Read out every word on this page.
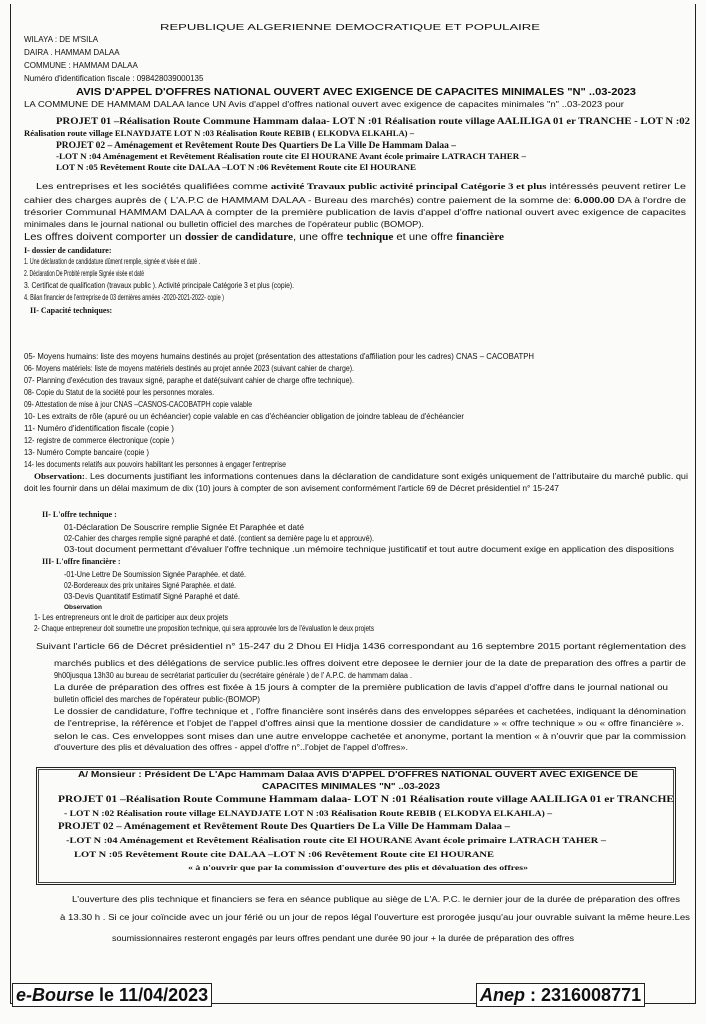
REPUBLIQUE ALGERIENNE DEMOCRATIQUE ET POPULAIRE
WILAYA : DE M'SILA
DAIRA . HAMMAM DALAA
COMMUNE : HAMMAM DALAA
Numéro d'identification fiscale : 098428039000135
AVIS D'APPEL D'OFFRES NATIONAL OUVERT AVEC EXIGENCE DE CAPACITES MINIMALES "N" ..03-2023
LA COMMUNE DE HAMMAM DALAA lance UN Avis d'appel d'offres national ouvert avec exigence de capacites minimales "n" ..03-2023 pour
PROJET 01 –Réalisation Route Commune Hammam dalaa- LOT N :01 Réalisation route village AALILIGA 01 er TRANCHE - LOT N :02
Réalisation route village ELNAYDJATE LOT N :03 Réalisation Route REBIB ( ELKODVA ELKAHLA) –
PROJET 02 – Aménagement et Revêtement Route Des Quartiers De La Ville De Hammam Dalaa –
-LOT N :04 Aménagement et Revêtement Réalisation route cite El HOURANE Avant école primaire LATRACH TAHER –
LOT N :05 Revêtement Route cite DALAA –LOT N :06 Revêtement Route cite El HOURANE
Les entreprises et les sociétés qualifiées comme activité Travaux public activité principal Catégorie 3 et plus intéressés peuvent retirer Le
cahier des charges auprès de ( L'A.P.C de HAMMAM DALAA - Bureau des marchés) contre paiement de la somme de: 6.000.00 DA à l'ordre de
trésorier Communal HAMMAM DALAA à compter de la première publication de lavis d'appel d'offre national ouvert avec exigence de capacites
minimales dans le journal national ou bulletin officiel des marches de l'opérateur public (BOMOP).
Les offres doivent comporter un dossier de candidature, une offre technique et une offre financière
I- dossier de candidature:
1. Une déclaration de candidature dûment remplie, signée et visée et daté .
2. Déclaration De Probité remplie Signée visée et daté
3. Certificat de qualification (travaux public ). Activité principale Catégorie 3 et plus (copie).
4. Bilan financier de l'entreprise de 03 dernières années -2020-2021-2022- copie )
II- Capacité techniques:
05- Moyens humains: liste des moyens humains destinés au projet (présentation des attestations d'affiliation pour les cadres) CNAS – CACOBATPH
06- Moyens matériels: liste de moyens matériels destinés au projet année 2023 (suivant cahier de charge).
07- Planning d'exécution des travaux signé, paraphe et daté(suivant cahier de charge offre technique).
08- Copie du Statut de la société pour les personnes morales.
09- Attestation de mise à jour CNAS –CASNOS-CACOBATPH copie valable
10- Les extraits de rôle (apuré ou un échéancier) copie valable en cas d'échéancier obligation de joindre tableau de d'échéancier
11- Numéro d'identification fiscale (copie )
12- registre de commerce électronique (copie )
13- Numéro Compte bancaire (copie )
14- les documents relatifs aux pouvoirs habilitant les personnes à engager l'entreprise
Observation:. Les documents justifiant les informations contenues dans la déclaration de candidature sont exigés uniquement de l'attributaire du marché public. qui
doit les fournir dans un délai maximum de dix (10) jours à compter de son avisement conformément l'article 69 de Décret présidentiel n° 15-247
II- L'offre technique :
01-Déclaration De Souscrire remplie Signée Et Paraphée et daté
02-Cahier des charges remplie signé paraphé et daté. (contient sa dernière page lu et approuvé).
03-tout document permettant d'évaluer l'offre technique .un mémoire technique justificatif et tout autre document exige en application des dispositions
III- L'offre financière :
-01-Une Lettre De Soumission Signée Paraphée. et daté.
02-Bordereaux des prix unitaires Signé Paraphée. et daté.
03-Devis Quantitatif Estimatif Signé Paraphé et daté.
Observation
1- Les entrepreneurs ont le droit de participer aux deux projets
2- Chaque entrepreneur doit soumettre une proposition technique, qui sera approuvée lors de l'évaluation le deux projets
Suivant l'article 66 de Décret présidentiel n° 15-247 du 2 Dhou El Hidja 1436 correspondant au 16 septembre 2015 portant réglementation des
marchés publics et des délégations de service public.les offres doivent etre deposee le dernier jour de la date de preparation des offres a partir de
9h00jusqua 13h30 au bureau de secrétariat particulier du (secrétaire générale ) de l' A.P.C. de hammam dalaa .
La durée de préparation des offres est fixée à 15 jours à compter de la première publication de lavis d'appel d'offre dans le journal national ou
bulletin officiel des marches de l'opérateur public-(BOMOP)
Le dossier de candidature, l'offre technique et , l'offre financière sont insérés dans des enveloppes séparées et cachetées, indiquant la dénomination
de l'entreprise, la référence et l'objet de l'appel d'offres ainsi que la mentione dossier de candidature » « offre technique » ou « offre financière ».
selon le cas. Ces enveloppes sont mises dan une autre enveloppe cachetée et anonyme, portant la mention « à n'ouvrir que par la commission
d'ouverture des plis et dévaluation des offres - appel d'offre n°..l'objet de l'appel d'offres».
A/ Monsieur : Président De L'Apc Hammam Dalaa AVIS D'APPEL D'OFFRES NATIONAL OUVERT AVEC EXIGENCE DE
CAPACITES MINIMALES "N" ..03-2023
PROJET 01 –Réalisation Route Commune Hammam dalaa- LOT N :01 Réalisation route village AALILIGA 01 er TRANCHE
- LOT N :02 Réalisation route village ELNAYDJATE LOT N :03 Réalisation Route REBIB ( ELKODYA ELKAHLA) –
PROJET 02 – Aménagement et Revêtement Route Des Quartiers De La Ville De Hammam Dalaa –
-LOT N :04 Aménagement et Revêtement Réalisation route cite El HOURANE Avant école primaire LATRACH TAHER –
LOT N :05 Revêtement Route cite DALAA –LOT N :06 Revêtement Route cite El HOURANE
« à n'ouvrir que par la commission d'ouverture des plis et dévaluation des offres»
L'ouverture des plis technique et financiers se fera en séance publique au siège de L'A. P.C. le dernier jour de la durée de préparation des offres
à 13.30 h . Si ce jour coïncide avec un jour férié ou un jour de repos légal l'ouverture est prorogée jusqu'au jour ouvrable suivant la même heure.Les
soumissionnaires resteront engagés par leurs offres pendant une durée 90 jour + la durée de préparation des offres
e-Bourse le 11/04/2023	Anep : 2316008771
